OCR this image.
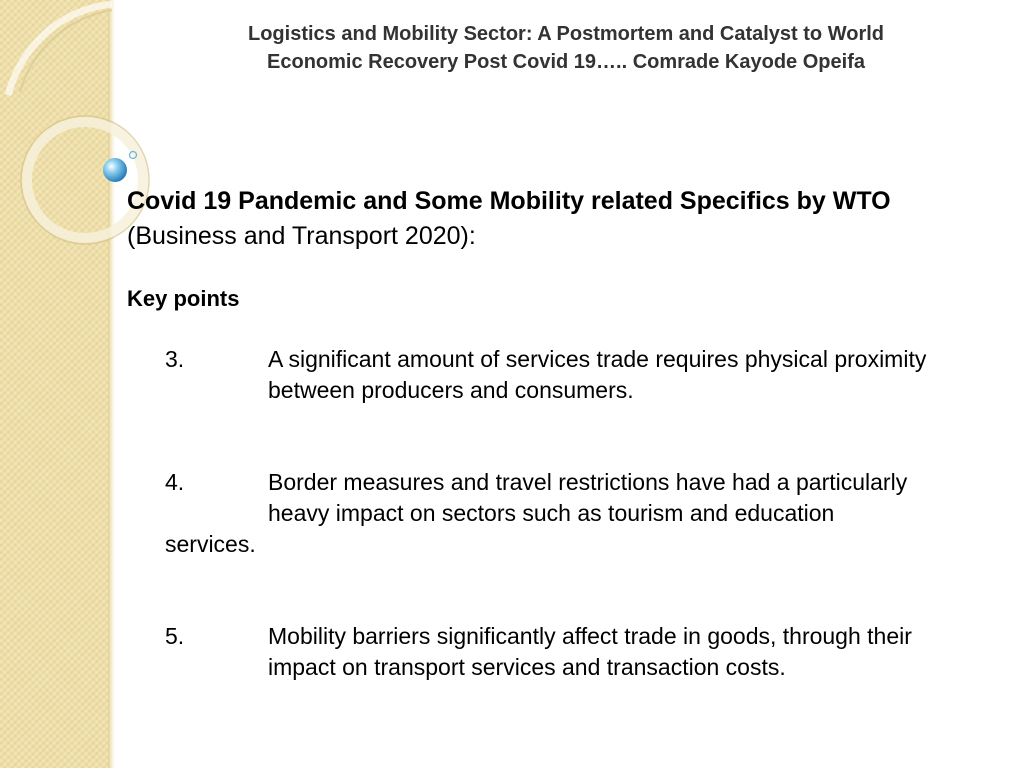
Logistics and Mobility Sector: A Postmortem and Catalyst to World
Economic Recovery Post Covid 19….. Comrade Kayode Opeifa
Covid 19 Pandemic and Some Mobility related Specifics by WTO
(Business and Transport 2020):
Key points
3.	A significant amount of services trade requires physical proximity
between producers and consumers.
4.	Border measures and travel restrictions have had a particularly
heavy impact on sectors such as tourism and education
services.
5.	Mobility barriers significantly affect trade in goods, through their
impact on transport services and transaction costs.
